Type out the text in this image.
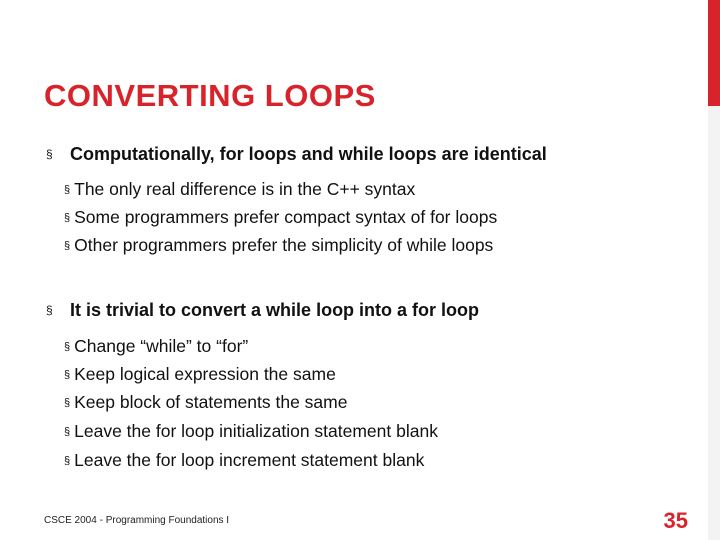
CONVERTING LOOPS
§ Computationally, for loops and while loops are identical
§ The only real difference is in the C++ syntax
§ Some programmers prefer compact syntax of for loops
§ Other programmers prefer the simplicity of while loops
§ It is trivial to convert a while loop into a for loop
§ Change “while” to “for”
§ Keep logical expression the same
§ Keep block of statements the same
§ Leave the for loop initialization statement blank
§ Leave the for loop increment statement blank
CSCE 2004 - Programming Foundations I	35
